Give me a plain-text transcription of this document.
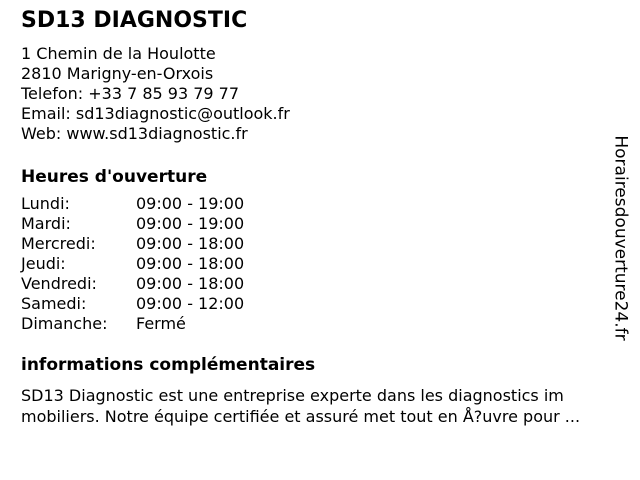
SD13 DIAGNOSTIC
1 Chemin de la Houlotte
2810 Marigny-en-Orxois
Telefon: +33 7 85 93 79 77
Email: sd13diagnostic@outlook.fr
Web: www.sd13diagnostic.fr
Heures d'ouverture
Lundi:	09:00 - 19:00
Mardi:	09:00 - 19:00
Mercredi:	09:00 - 18:00
Jeudi:	09:00 - 18:00
Vendredi:	09:00 - 18:00
Samedi:	09:00 - 12:00
Dimanche:	Fermé
informations complémentaires
SD13 Diagnostic est une entreprise experte dans les diagnostics im
mobiliers. Notre équipe certifiée et assuré met tout en Å?uvre pour ...
Horairesdouverture24.fr
